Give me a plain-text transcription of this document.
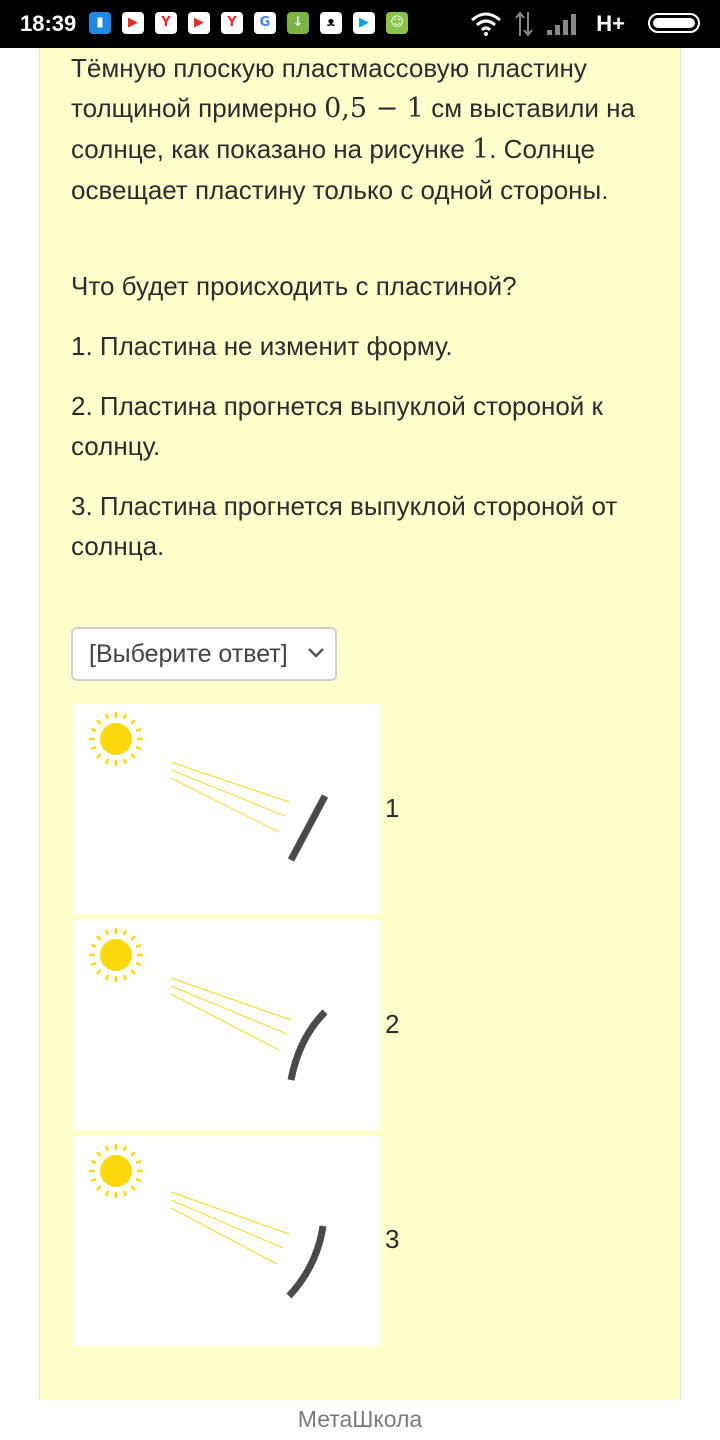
18:39	▮	▶	Y	▶	Y	G	↓	ᴥ	▶	☺	H+
Тёмную плоскую пластмассовую пластину толщиной примерно 0,5 − 1 см выставили на солнце, как показано на рисунке 1. Солнце освещает пластину только с одной стороны.
Что будет происходить с пластиной?
1. Пластина не изменит форму.
2. Пластина прогнется выпуклой стороной к солнцу.
3. Пластина прогнется выпуклой стороной от солнца.
[Выберите ответ]
1
2
3
МетаШкола
